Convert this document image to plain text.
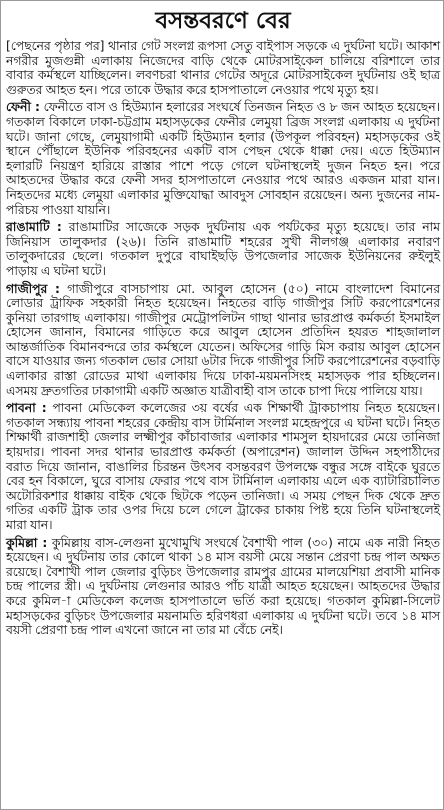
বসন্তবরণে বের

[পেছনের পৃষ্ঠার পর] থানার গেট সংলগ্ন রূপসা সেতু বাইপাস সড়কে এ দুর্ঘটনা ঘটে। আকাশ নগরীর মুজগুন্নী এলাকায় নিজেদের বাড়ি থেকে মোটরসাইকেল চালিয়ে বরিশালে তার বাবার কর্মস্থলে যাচ্ছিলেন। লবণচরা থানার গেটের অদূরে মোটরসাইকেল দুর্ঘটনায় ওই ছাত্র গুরুতর আহত হন। পরে তাকে উদ্ধার করে হাসপাতালে নেওয়ার পথে মৃত্যু হয়।

ফেনী : ফেনীতে বাস ও হিউম্যান হলারের সংঘর্ষে তিনজন নিহত ও ৮ জন আহত হয়েছেন। গতকাল বিকালে ঢাকা-চট্টগ্রাম মহাসড়কের ফেনীর লেমুয়া ব্রিজ সংলগ্ন এলাকায় এ দুর্ঘটনা ঘটে। জানা গেছে, লেমুয়াগামী একটি হিউম্যান হলার (উপকূল পরিবহন) মহাসড়কের ওই স্থানে পৌঁছালে ইউনিক পরিবহনের একটি বাস পেছন থেকে ধাক্কা দেয়। এতে হিউম্যান হলারটি নিয়ন্ত্রণ হারিয়ে রাস্তার পাশে পড়ে গেলে ঘটনাস্থলেই দুজন নিহত হন। পরে আহতদের উদ্ধার করে ফেনী সদর হাসপাতালে নেওয়ার পথে আরও একজন মারা যান। নিহতদের মধ্যে লেমুয়া এলাকার মুক্তিযোদ্ধা আবদুস সোবহান রয়েছেন। অন্য দুজনের নাম-পরিচয় পাওয়া যায়নি।

রাঙামাটি : রাঙামাটির সাজেকে সড়ক দুর্ঘটনায় এক পর্যটকের মৃত্যু হয়েছে। তার নাম জিনিয়াস তালুকদার (২৬)। তিনি রাঙামাটি শহরের সুখী নীলগঞ্জ এলাকার নবারণ তালুকদারের ছেলে। গতকাল দুপুরে বাঘাইছড়ি উপজেলার সাজেক ইউনিয়নের রুইলুই পাড়ায় এ ঘটনা ঘটে।

গাজীপুর : গাজীপুরে বাসচাপায় মো. আবুল হোসেন (৫০) নামে বাংলাদেশ বিমানের লোডার ট্রাফিক সহকারী নিহত হয়েছেন। নিহতের বাড়ি গাজীপুর সিটি করপোরেশনের কুনিয়া তারগাছ এলাকায়। গাজীপুর মেট্রোপলিটন গাছা থানার ভারপ্রাপ্ত কর্মকর্তা ইসমাইল হোসেন জানান, বিমানের গাড়িতে করে আবুল হোসেন প্রতিদিন হযরত শাহজালাল আন্তর্জাতিক বিমানবন্দরে তার কর্মস্থলে যেতেন। অফিসের গাড়ি মিস করায় আবুল হোসেন বাসে যাওয়ার জন্য গতকাল ভোর সোয়া ৬টার দিকে গাজীপুর সিটি করপোরেশনের বড়বাড়ি এলাকার রাস্তা রোডের মাথা এলাকায় দিয়ে ঢাকা-ময়মনসিংহ মহাসড়ক পার হচ্ছিলেন। এসময় দ্রুতগতির ঢাকাগামী একটি অজ্ঞাত যাত্রীবাহী বাস তাকে চাপা দিয়ে পালিয়ে যায়।

পাবনা : পাবনা মেডিকেল কলেজের ৩য় বর্ষের এক শিক্ষার্থী ট্রাকচাপায় নিহত হয়েছেন। গতকাল সন্ধ্যায় পাবনা শহরের কেন্দ্রীয় বাস টার্মিনাল সংলগ্ন মহেন্দ্রপুরে এ ঘটনা ঘটে। নিহত শিক্ষার্থী রাজশাহী জেলার লক্ষ্মীপুর কাঁচাবাজার এলাকার শামসুল হায়দারের মেয়ে তানিজা হায়দার। পাবনা সদর থানার ভারপ্রাপ্ত কর্মকর্তা (অপারেশন) জালাল উদ্দিন সহপাঠীদের বরাত দিয়ে জানান, বাঙালির চিরন্তন উৎসব বসন্তবরণ উপলক্ষে বন্ধুর সঙ্গে বাইকে ঘুরতে বের হন বিকালে, ঘুরে বাসায় ফেরার পথে বাস টার্মিনাল এলাকায় এলে এক ব্যাটারিচালিত অটোরিকশার ধাক্কায় বাইক থেকে ছিটকে পড়েন তানিজা। এ সময় পেছন দিক থেকে দ্রুত গতির একটি ট্রাক তার ওপর দিয়ে চলে গেলে ট্রাকের চাকায় পিষ্ট হয়ে তিনি ঘটনাস্থলেই মারা যান।

কুমিল্লা : কুমিল্লায় বাস-লেগুনা মুখোমুখি সংঘর্ষে বৈশাখী পাল (৩০) নামে এক নারী নিহত হয়েছেন। এ দুর্ঘটনায় তার কোলে থাকা ১৪ মাস বয়সী মেয়ে সন্তান প্রেরণা চন্দ্র পাল অক্ষত রয়েছে। বৈশাখী পাল জেলার বুড়িচং উপজেলার রামপুর গ্রামের মালয়েশিয়া প্রবাসী মানিক চন্দ্র পালের স্ত্রী। এ দুর্ঘটনায় লেগুনার আরও পাঁচ যাত্রী আহত হয়েছেন। আহতদের উদ্ধার করে কুমিল-া মেডিকেল কলেজ হাসপাতালে ভর্তি করা হয়েছে। গতকাল কুমিল্লা-সিলেট মহাসড়কের বুড়িচং উপজেলার ময়নামতি হরিণধরা এলাকায় এ দুর্ঘটনা ঘটে। তবে ১৪ মাস বয়সী প্রেরণা চন্দ্র পাল এখনো জানে না তার মা বেঁচে নেই।
